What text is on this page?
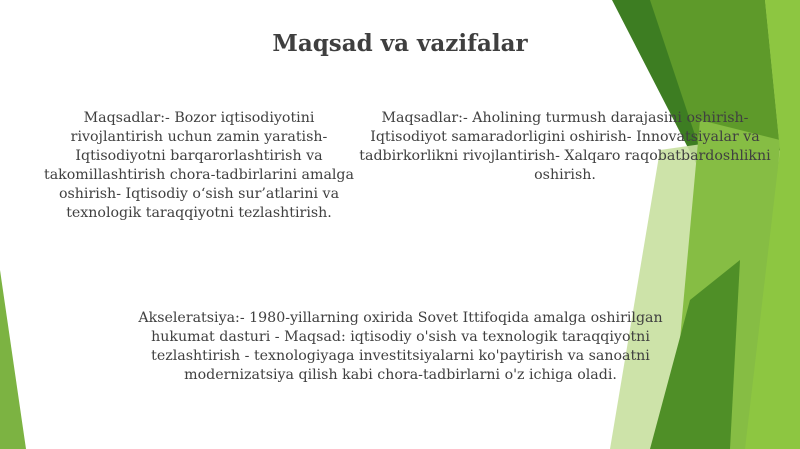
Maqsad va vazifalar
Maqsadlar:- Bozor iqtisodiyotini rivojlantirish uchun zamin yaratish- Iqtisodiyotni barqarorlashtirish va takomillashtirish chora-tadbirlarini amalga oshirish- Iqtisodiy o‘sish sur’atlarini va texnologik taraqqiyotni tezlashtirish.
Maqsadlar:- Aholining turmush darajasini oshirish- Iqtisodiyot samaradorligini oshirish- Innovatsiyalar va tadbirkorlikni rivojlantirish- Xalqaro raqobatbardoshlikni oshirish.
Akseleratsiya:- 1980-yillarning oxirida Sovet Ittifoqida amalga oshirilgan hukumat dasturi - Maqsad: iqtisodiy o'sish va texnologik taraqqiyotni tezlashtirish - texnologiyaga investitsiyalarni ko'paytirish va sanoatni modernizatsiya qilish kabi chora-tadbirlarni o'z ichiga oladi.
